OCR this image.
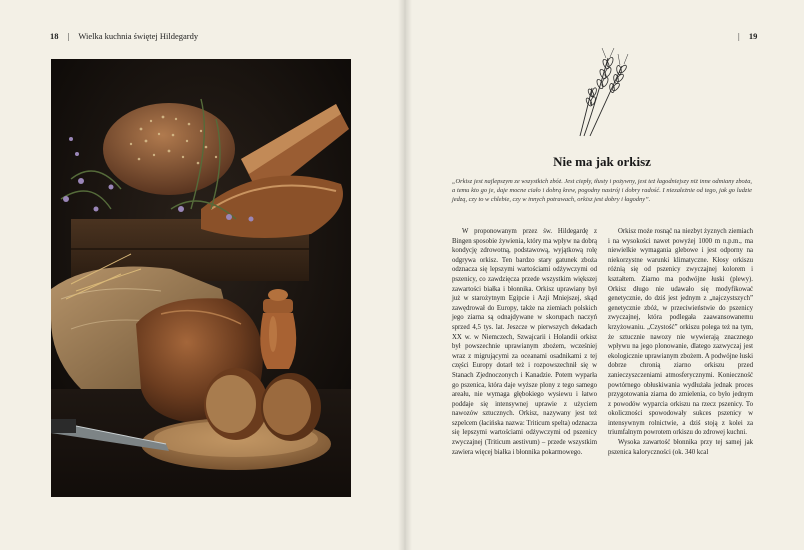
18 | Wielka kuchnia świętej Hildegardy	| 19
Nie ma jak orkisz
„Orkisz jest najlepszym ze wszystkich zbóż. Jest ciepły, tłusty i pożywny, jest też łagodniejszy niż inne odmiany zboża, a temu kto go je, daje mocne ciało i dobrą krew, pogodny nastrój i dobry radość. I niezależnie od tego, jak go ludzie jedzą, czy to w chlebie, czy w innych potrawach, orkisz jest dobry i łagodny”.

W proponowanym przez św. Hildegardę z Bingen sposobie żywienia, który ma wpływ na dobrą kondycję zdrowotną, podstawową, wyjątkową rolę odgrywa orkisz. Ten bardzo stary gatunek zboża odznacza się lepszymi wartościami odżywczymi od pszenicy, co zawdzięcza przede wszystkim większej zawartości białka i błonnika. Orkisz uprawiany był już w starożytnym Egipcie i Azji Mniejszej, skąd zawędrował do Europy, także na ziemiach polskich jego ziarna są odnajdywane w skorupach naczyń sprzed 4,5 tys. lat. Jeszcze w pierwszych dekadach XX w. w Niemczech, Szwajcarii i Holandii orkisz był powszechnie uprawianym zbożem, wcześniej wraz z migrującymi za oceanami osadnikami z tej części Europy dotarł też i rozpowszechnił się w Stanach Zjednoczonych i Kanadzie. Potem wyparła go pszenica, która daje wyższe plony z tego samego areału, nie wymaga głębokiego wysiewu i łatwo poddaje się intensywnej uprawie z użyciem nawozów sztucznych. Orkisz, nazywany jest też szpelcem (łacińska nazwa: Triticum spelta) odznacza się lepszymi wartościami odżywczymi od pszenicy zwyczajnej (Triticum aestivum) – przede wszystkim zawiera więcej białka i błonnika pokarmowego.

Orkisz może rosnąć na niezbyt żyznych ziemiach i na wysokości nawet powyżej 1000 m n.p.m., ma niewielkie wymagania glebowe i jest odporny na niekorzystne warunki klimatyczne. Kłosy orkiszu różnią się od pszenicy zwyczajnej kolorem i kształtem. Ziarno ma podwójne łuski (plewy). Orkisz długo nie udawało się modyfikować genetycznie, do dziś jest jednym z „najczystszych” genetycznie zbóż, w przeciwieństwie do pszenicy zwyczajnej, która podlegała zaawansowanemu krzyżowaniu. „Czystość” orkiszu polega też na tym, że sztucznie nawozy nie wywierają znacznego wpływu na jego plonowanie, dlatego zazwyczaj jest ekologicznie uprawianym zbożem. A podwójne łuski dobrze chronią ziarno orkiszu przed zanieczyszczeniami atmosferycznymi. Konieczność powtórnego obłuskiwania wydłużała jednak proces przygotowania ziarna do zmielenia, co było jednym z powodów wyparcia orkiszu na rzecz pszenicy. To okoliczności spowodowały sukces pszenicy w intensywnym rolnictwie, a dziś stoją z kolei za triumfalnym powrotem orkiszu do zdrowej kuchni.

Wysoka zawartość błonnika przy tej samej jak pszenica kaloryczności (ok. 340 kcal
